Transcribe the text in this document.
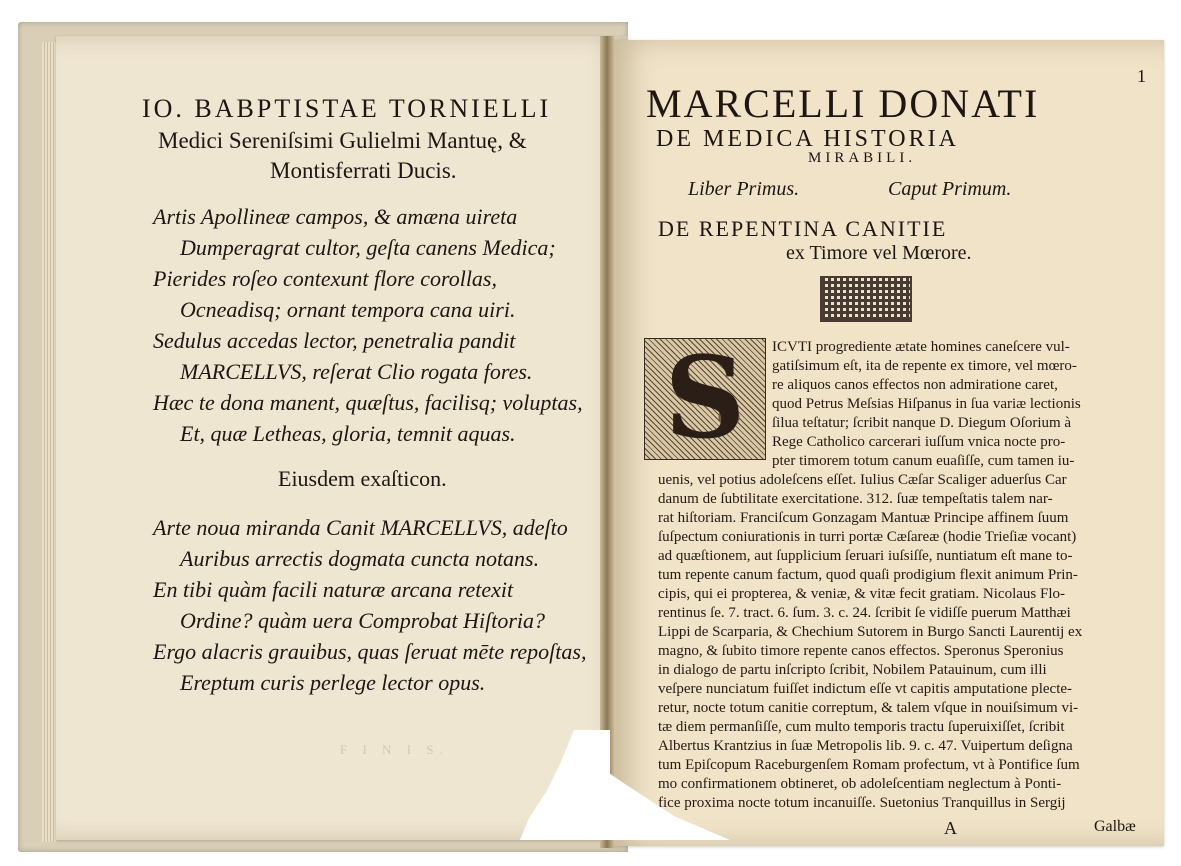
IO. BABPTISTAE TORNIELLI
Medici Sereniſsimi Gulielmi Mantuę, &
Montisferrati Ducis.
Artis Apollineæ campos, & amæna uireta
Dumperagrat cultor, geſta canens Medica;
Pierides roſeo contexunt flore corollas,
Ocneadisq; ornant tempora cana uiri.
Sedulus accedas lector, penetralia pandit
MARCELLVS, reſerat Clio rogata fores.
Hæc te dona manent, quæſtus, facilisq; voluptas,
Et, quæ Letheas, gloria, temnit aquas.
Eiusdem exaſticon.
Arte noua miranda Canit MARCELLVS, adeſto
Auribus arrectis dogmata cuncta notans.
En tibi quàm facili naturæ arcana retexit
Ordine? quàm uera Comprobat Hiſtoria?
Ergo alacris grauibus, quas ſeruat mēte repoſtas,
Ereptum curis perlege lector opus.
F I N I S.
1
MARCELLI DONATI
DE MEDICA HISTORIA
MIRABILI.
Liber Primus.	Caput Primum.
DE REPENTINA CANITIE
ex Timore vel Mœrore.
S	ICVTI progrediente ætate homines caneſcere vul-
gatiſsimum eſt, ita de repente ex timore, vel mœro-
re aliquos canos effectos non admiratione caret,
quod Petrus Meſsias Hiſpanus in ſua variæ lectionis
ſilua teſtatur; ſcribit nanque D. Diegum Oſorium à
Rege Catholico carcerari iuſſum vnica nocte pro-
pter timorem totum canum euaſiſſe, cum tamen iu-
uenis, vel potius adoleſcens eſſet. Iulius Cæſar Scaliger aduerſus Car
danum de ſubtilitate exercitatione. 312. ſuæ tempeſtatis talem nar-
rat hiſtoriam. Franciſcum Gonzagam Mantuæ Principe affinem ſuum
ſuſpectum coniurationis in turri portæ Cæſareæ (hodie Trieſiæ vocant)
ad quæſtionem, aut ſupplicium ſeruari iuſsiſſe, nuntiatum eſt mane to-
tum repente canum factum, quod quaſi prodigium flexit animum Prin-
cipis, qui ei propterea, & veniæ, & vitæ fecit gratiam. Nicolaus Flo-
rentinus ſe. 7. tract. 6. ſum. 3. c. 24. ſcribit ſe vidiſſe puerum Matthæi
Lippi de Scarparia, & Chechium Sutorem in Burgo Sancti Laurentij ex
magno, & ſubito timore repente canos effectos. Speronus Speronius
in dialogo de partu inſcripto ſcribit, Nobilem Patauinum, cum illi
veſpere nunciatum fuiſſet indictum eſſe vt capitis amputatione plecte-
retur, nocte totum canitie correptum, & talem vſque in nouiſsimum vi-
tæ diem permanſiſſe, cum multo temporis tractu ſuperuixiſſet, ſcribit
Albertus Krantzius in ſuæ Metropolis lib. 9. c. 47. Vuipertum deſigna
tum Epiſcopum Raceburgenſem Romam profectum, vt à Pontifice ſum
mo confirmationem obtineret, ob adoleſcentiam neglectum à Ponti-
fice proxima nocte totum incanuiſſe. Suetonius Tranquillus in Sergij
A	Galbæ
